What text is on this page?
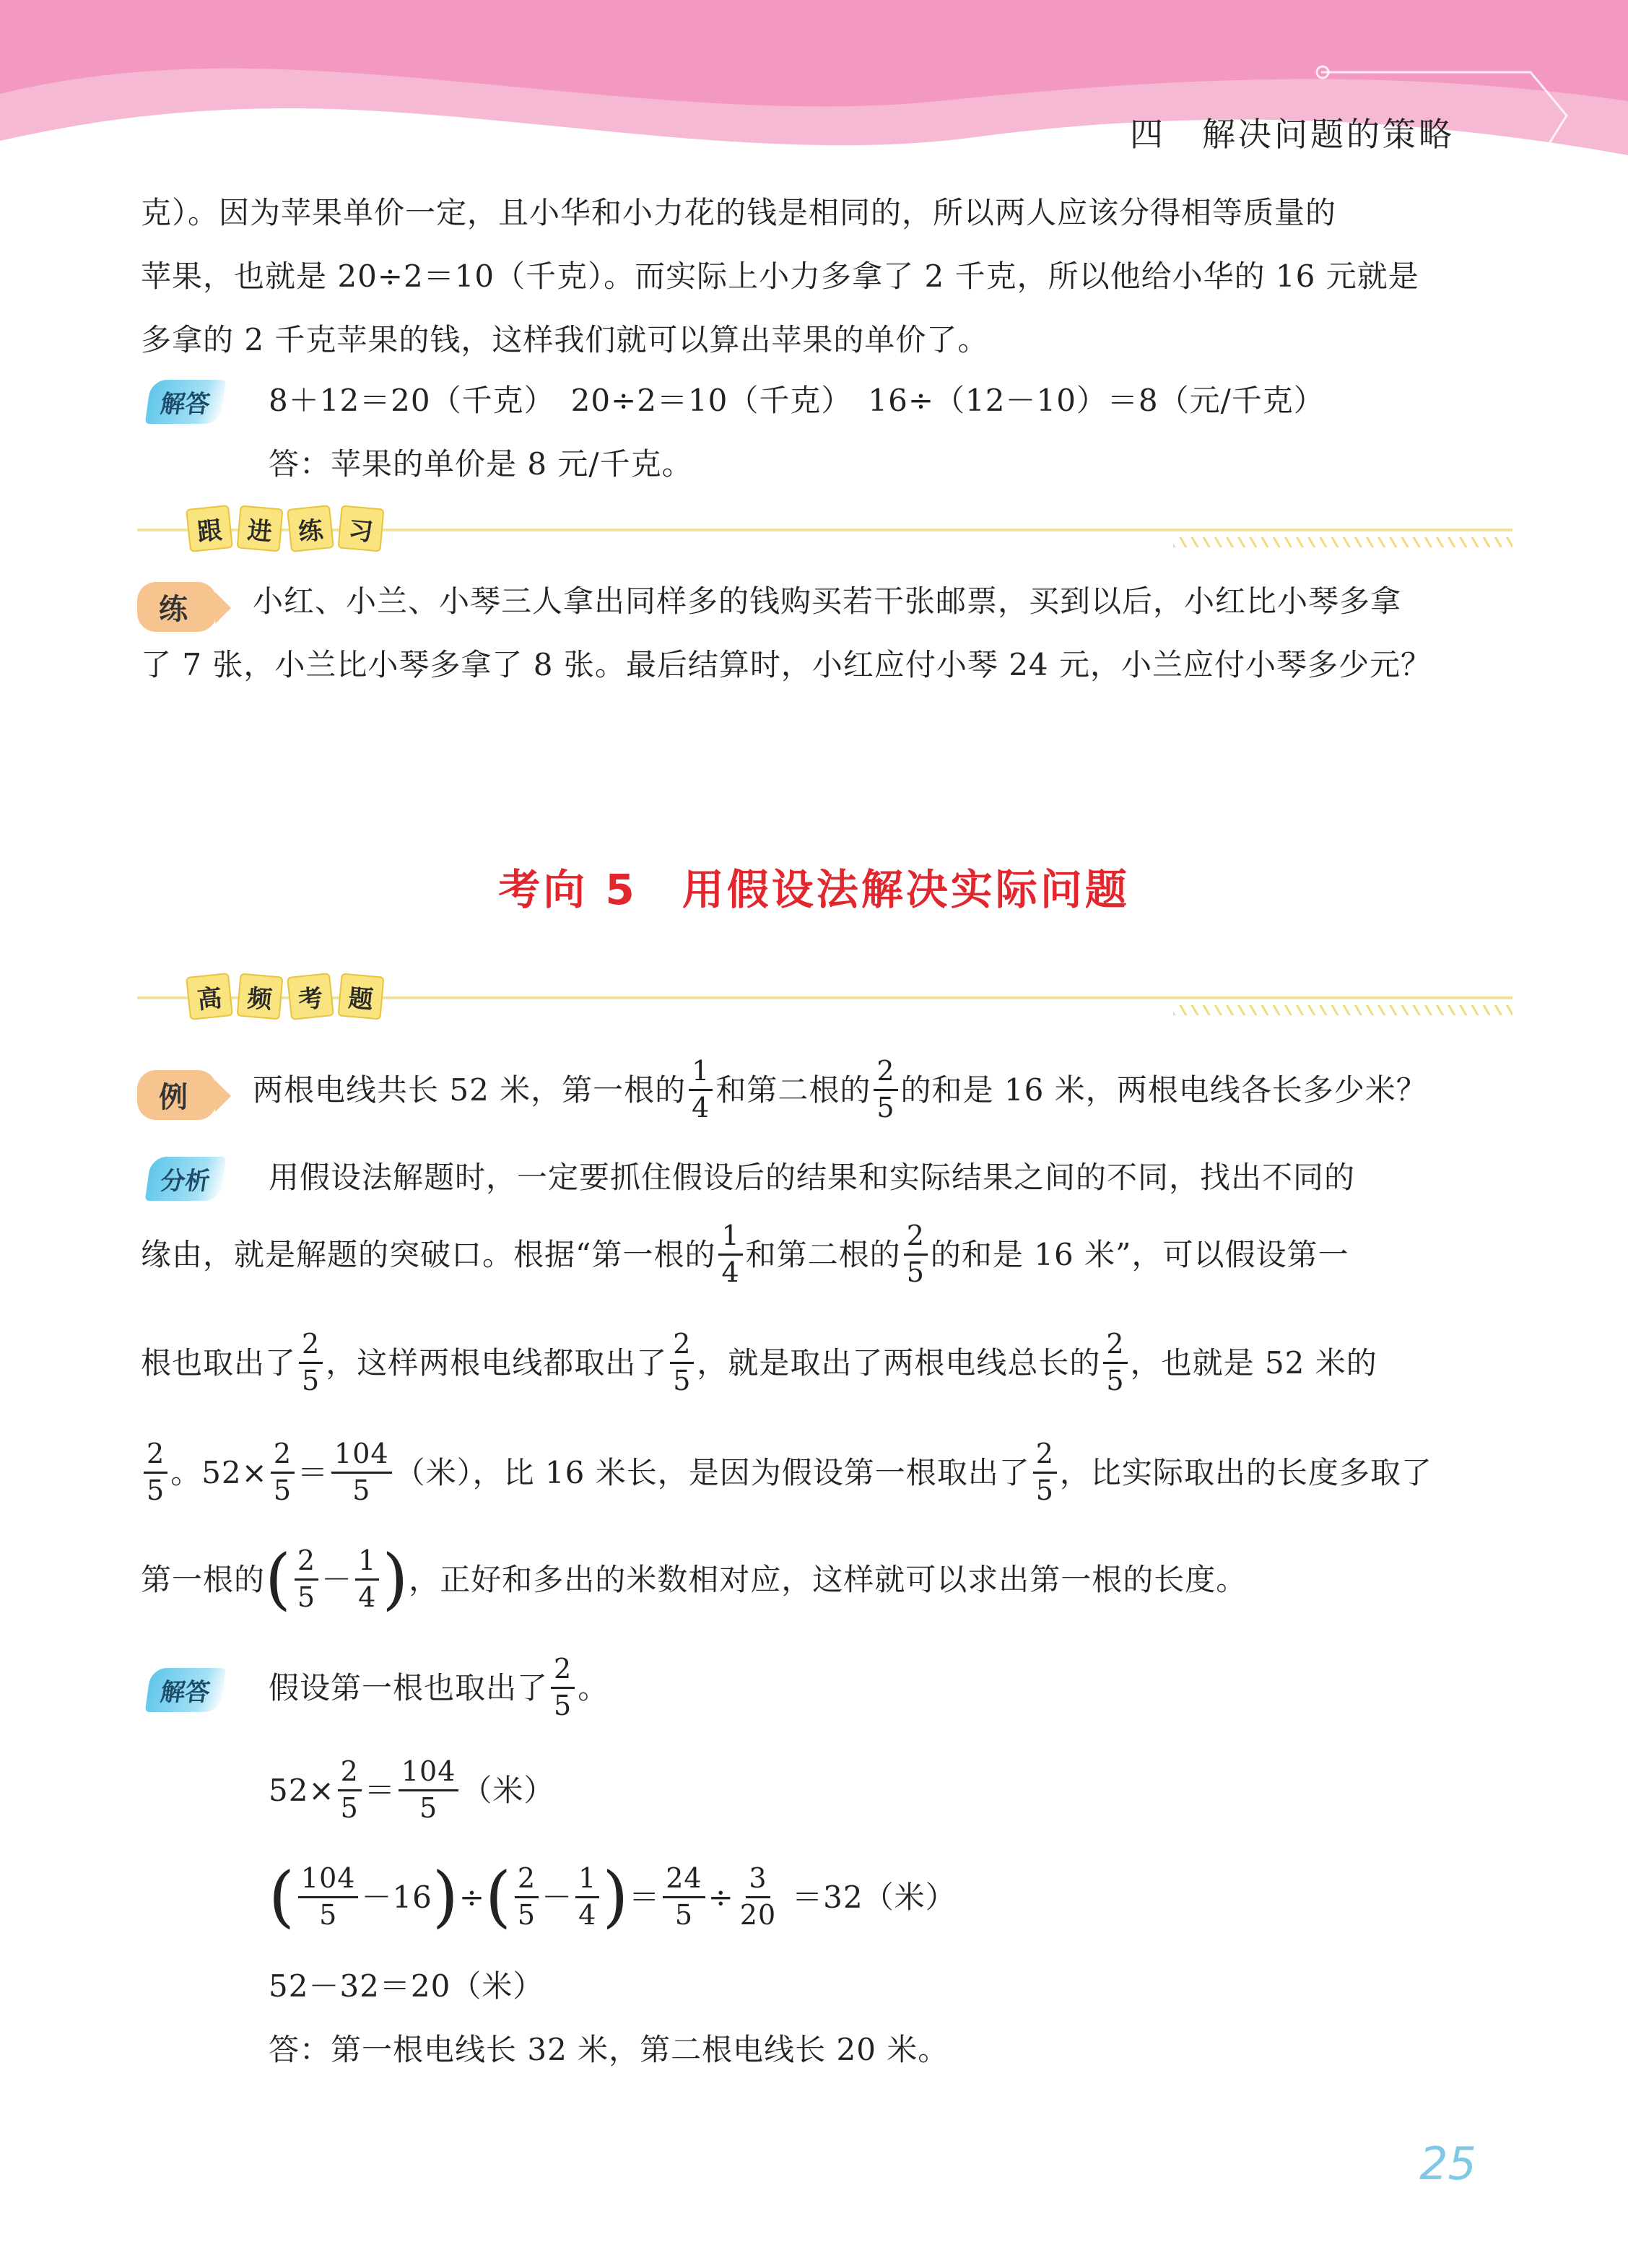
四　解决问题的策略
克）。因为苹果单价一定，且小华和小力花的钱是相同的，所以两人应该分得相等质量的
苹果，也就是 20÷2＝10（千克）。而实际上小力多拿了 2 千克，所以他给小华的 16 元就是
多拿的 2 千克苹果的钱，这样我们就可以算出苹果的单价了。
解答	8＋12＝20（千克）　20÷2＝10（千克）　16÷（12－10）＝8（元/千克）
答：苹果的单价是 8 元/千克。
跟 进 练 习
练	小红、小兰、小琴三人拿出同样多的钱购买若干张邮票，买到以后，小红比小琴多拿
了 7 张，小兰比小琴多拿了 8 张。最后结算时，小红应付小琴 24 元，小兰应付小琴多少元？
考向 5　用假设法解决实际问题
高 频 考 题
例	两根电线共长 52 米，第一根的 $\frac{1}{4}$ 和第二根的 $\frac{2}{5}$ 的和是 16 米，两根电线各长多少米？
分析	用假设法解题时，一定要抓住假设后的结果和实际结果之间的不同，找出不同的
缘由，就是解题的突破口。根据“第一根的 $\frac{1}{4}$ 和第二根的 $\frac{2}{5}$ 的和是 16 米”，可以假设第一
根也取出了 $\frac{2}{5}$ ，这样两根电线都取出了 $\frac{2}{5}$ ，就是取出了两根电线总长的 $\frac{2}{5}$ ，也就是 52 米的
$\frac{2}{5}$ 。$52\times \frac{2}{5} = \frac{104}{5}$ （米），比 16 米长，是因为假设第一根取出了 $\frac{2}{5}$ ，比实际取出的长度多取了
第一根的 ( $\frac{2}{5} - \frac{1}{4}$ ) ，正好和多出的米数相对应，这样就可以求出第一根的长度。
解答	假设第一根也取出了 $\frac{2}{5}$ 。
$52\times \frac{2}{5} = \frac{104}{5}$ （米）
( $\frac{104}{5} - 16$ ) ÷ ( $\frac{2}{5} - \frac{1}{4}$ ) ＝ $\frac{24}{5} \div \frac{3}{20} =32$（米）
52－32＝20（米）
答：第一根电线长 32 米，第二根电线长 20 米。
25
